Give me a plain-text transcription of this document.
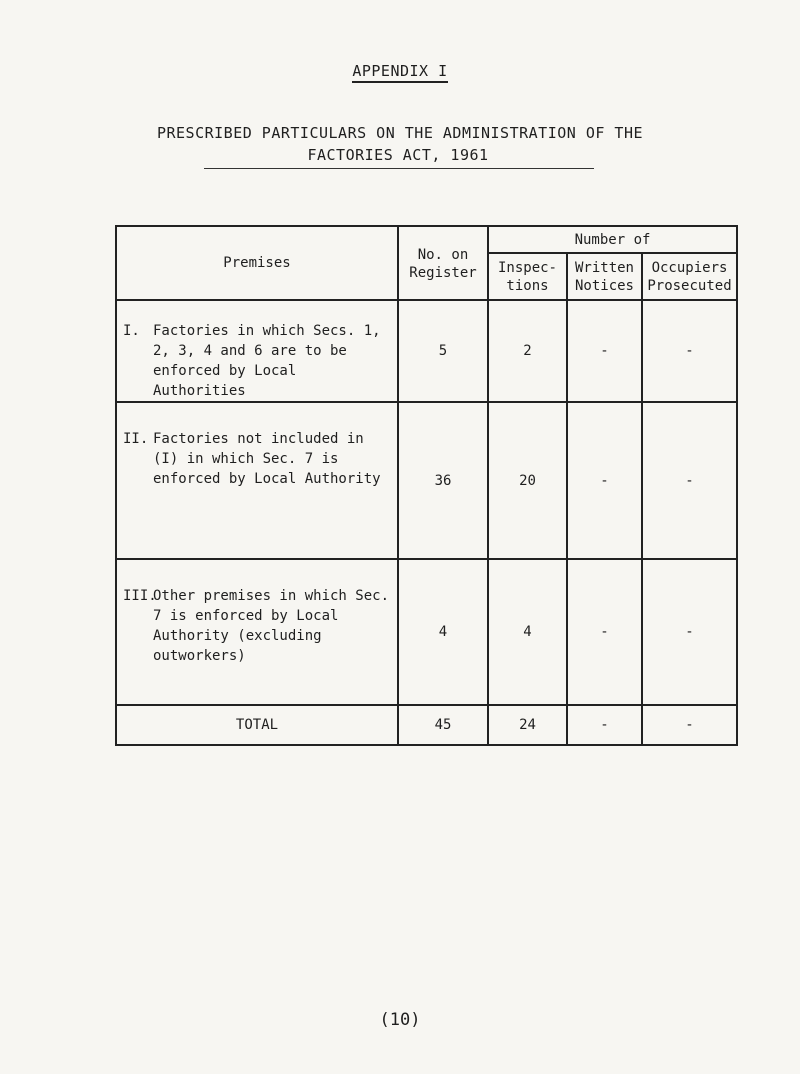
APPENDIX I
PRESCRIBED PARTICULARS ON THE ADMINISTRATION OF THE
FACTORIES ACT, 1961
Premises	No. on Register	Number of		
		Inspec- tions	Written Notices	Occupiers Prosecuted

I. Factories in which Secs. 1, 2, 3, 4 and 6 are to be enforced by Local Authorities	5	2	-	-

II. Factories not included in (I) in which Sec. 7 is enforced by Local Authority	36	20	-	-

III.
Other premises in which Sec. 7 is enforced by Local Authority (excluding outworkers)	4	4	-	-
TOTAL	45	24	-	-
(10)
